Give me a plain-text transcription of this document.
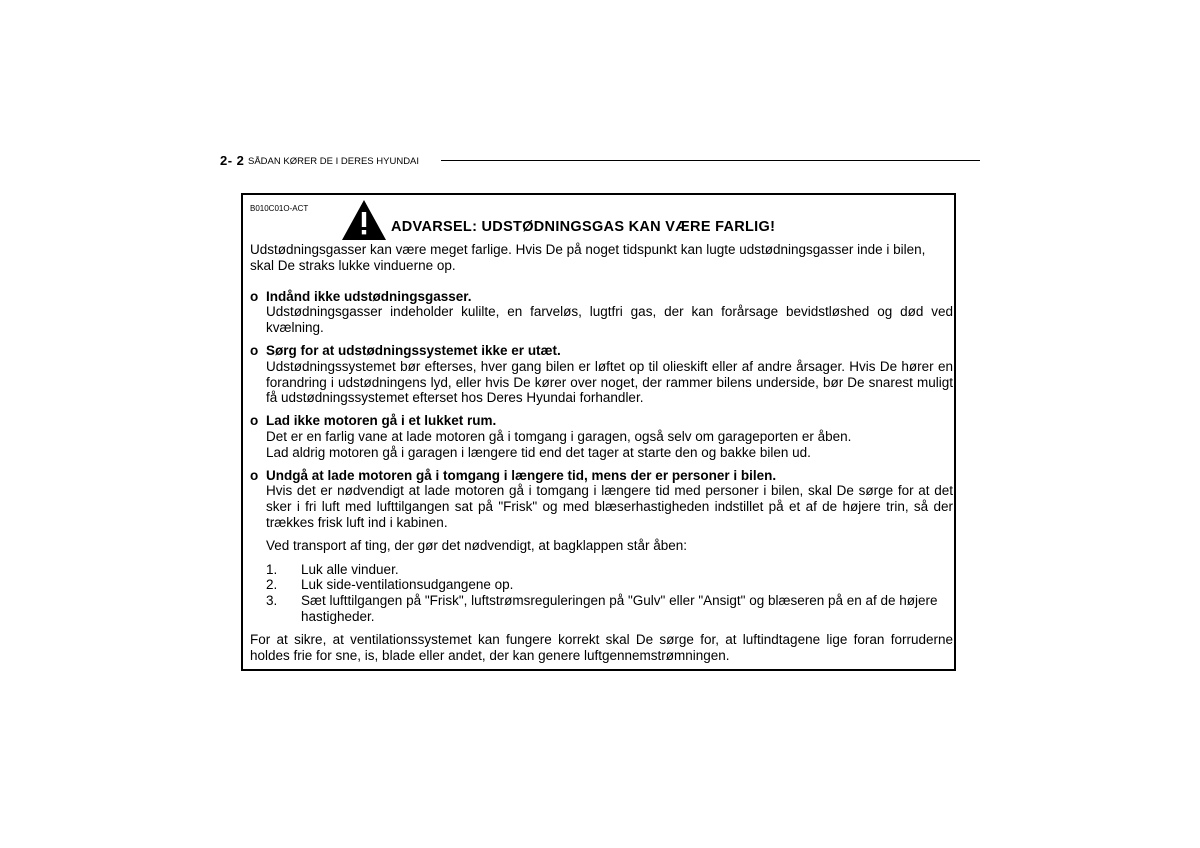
2- 2 SÅDAN KØRER DE I DERES HYUNDAI
B010C01O-ACT
ADVARSEL: UDSTØDNINGSGAS KAN VÆRE FARLIG!

Udstødningsgasser kan være meget farlige. Hvis De på noget tidspunkt kan lugte udstødningsgasser inde i bilen, skal De straks lukke vinduerne op.

o Indånd ikke udstødningsgasser.
Udstødningsgasser indeholder kulilte, en farveløs, lugtfri gas, der kan forårsage bevidstløshed og død ved kvælning.
o Sørg for at udstødningssystemet ikke er utæt.
Udstødningssystemet bør efterses, hver gang bilen er løftet op til olieskift eller af andre årsager. Hvis De hører en forandring i udstødningens lyd, eller hvis De kører over noget, der rammer bilens underside, bør De snarest muligt få udstødningssystemet efterset hos Deres Hyundai forhandler.
o Lad ikke motoren gå i et lukket rum.
Det er en farlig vane at lade motoren gå i tomgang i garagen, også selv om garageporten er åben.
Lad aldrig motoren gå i garagen i længere tid end det tager at starte den og bakke bilen ud.
o Undgå at lade motoren gå i tomgang i længere tid, mens der er personer i bilen.
Hvis det er nødvendigt at lade motoren gå i tomgang i længere tid med personer i bilen, skal De sørge for at det sker i fri luft med lufttilgangen sat på "Frisk" og med blæserhastigheden indstillet på et af de højere trin, så der trækkes frisk luft ind i kabinen.

Ved transport af ting, der gør det nødvendigt, at bagklappen står åben:

1. Luk alle vinduer.
2. Luk side-ventilationsudgangene op.
3. Sæt lufttilgangen på "Frisk", luftstrømsreguleringen på "Gulv" eller "Ansigt" og blæseren på en af de højere hastigheder.

For at sikre, at ventilationssystemet kan fungere korrekt skal De sørge for, at luftindtagene lige foran forruderne holdes frie for sne, is, blade eller andet, der kan genere luftgennemstrømningen.
